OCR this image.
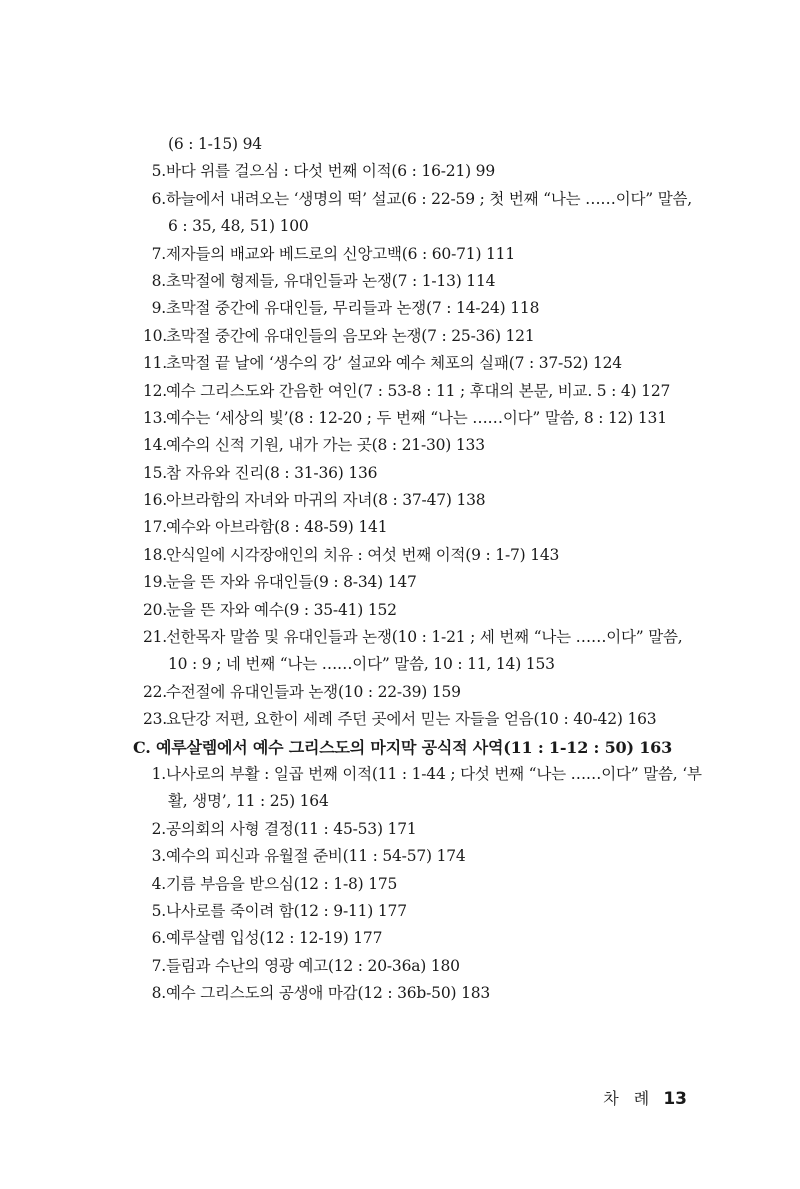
(6 : 1-15) 94
5. 바다 위를 걸으심 : 다섯 번째 이적(6 : 16-21) 99
6. 하늘에서 내려오는 ‘생명의 떡’ 설교(6 : 22-59 ; 첫 번째 “나는 ……이다” 말씀,
6 : 35, 48, 51) 100
7. 제자들의 배교와 베드로의 신앙고백(6 : 60-71) 111
8. 초막절에 형제들, 유대인들과 논쟁(7 : 1-13) 114
9. 초막절 중간에 유대인들, 무리들과 논쟁(7 : 14-24) 118
10. 초막절 중간에 유대인들의 음모와 논쟁(7 : 25-36) 121
11. 초막절 끝 날에 ‘생수의 강’ 설교와 예수 체포의 실패(7 : 37-52) 124
12. 예수 그리스도와 간음한 여인(7 : 53-8 : 11 ; 후대의 본문, 비교. 5 : 4) 127
13. 예수는 ‘세상의 빛’(8 : 12-20 ; 두 번째 “나는 ……이다” 말씀, 8 : 12) 131
14. 예수의 신적 기원, 내가 가는 곳(8 : 21-30) 133
15. 참 자유와 진리(8 : 31-36) 136
16. 아브라함의 자녀와 마귀의 자녀(8 : 37-47) 138
17. 예수와 아브라함(8 : 48-59) 141
18. 안식일에 시각장애인의 치유 : 여섯 번째 이적(9 : 1-7) 143
19. 눈을 뜬 자와 유대인들(9 : 8-34) 147
20. 눈을 뜬 자와 예수(9 : 35-41) 152
21. 선한목자 말씀 및 유대인들과 논쟁(10 : 1-21 ; 세 번째 “나는 ……이다” 말씀,
10 : 9 ; 네 번째 “나는 ……이다” 말씀, 10 : 11, 14) 153
22. 수전절에 유대인들과 논쟁(10 : 22-39) 159
23. 요단강 저편, 요한이 세례 주던 곳에서 믿는 자들을 얻음(10 : 40-42) 163
C. 예루살렘에서 예수 그리스도의 마지막 공식적 사역(11 : 1-12 : 50) 163
1. 나사로의 부활 : 일곱 번째 이적(11 : 1-44 ; 다섯 번째 “나는 ……이다” 말씀, ‘부
활, 생명’, 11 : 25) 164
2. 공의회의 사형 결정(11 : 45-53) 171
3. 예수의 피신과 유월절 준비(11 : 54-57) 174
4. 기름 부음을 받으심(12 : 1-8) 175
5. 나사로를 죽이려 함(12 : 9-11) 177
6. 예루살렘 입성(12 : 12-19) 177
7. 들림과 수난의 영광 예고(12 : 20-36a) 180
8. 예수 그리스도의 공생애 마감(12 : 36b-50) 183
차 례 13
